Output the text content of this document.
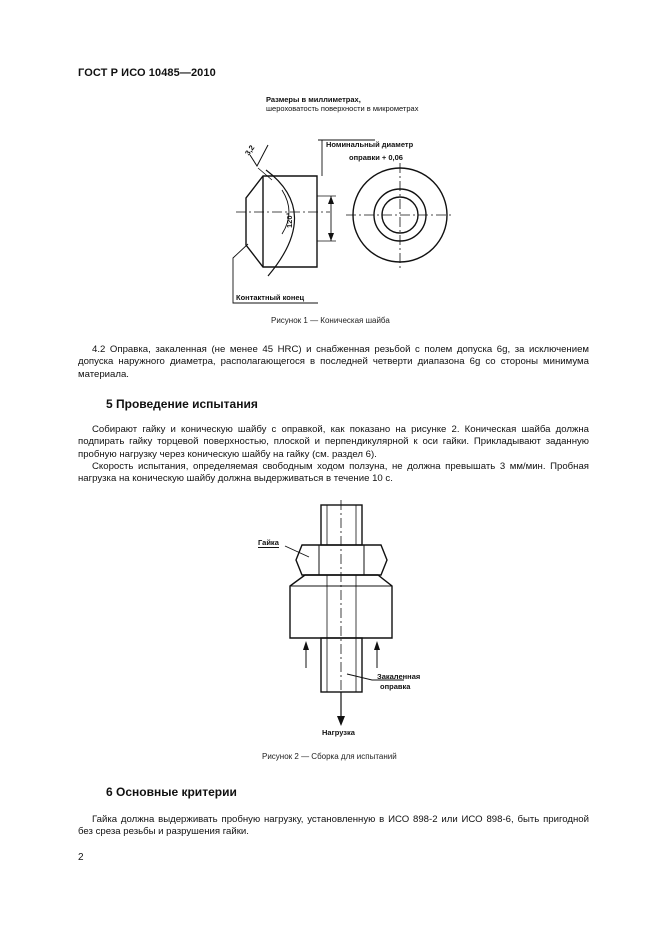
ГОСТ Р ИСО 10485—2010
Размеры в миллиметрах,
шероховатость поверхности в микрометрах
3,2
120°
Номинальный диаметр
оправки + 0,06
Контактный конец
Рисунок 1 — Коническая шайба
4.2 Оправка, закаленная (не менее 45 HRC) и снабженная резьбой с полем допуска 6g, за исключением допуска наружного диаметра, располагающегося в последней четверти диапазона 6g со стороны минимума материала.
5 Проведение испытания
Собирают гайку и коническую шайбу с оправкой, как показано на рисунке 2. Коническая шайба должна подпирать гайку торцевой поверхностью, плоской и перпендикулярной к оси гайки. Прикладывают заданную пробную нагрузку через коническую шайбу на гайку (см. раздел 6).
Скорость испытания, определяемая свободным ходом ползуна, не должна превышать 3 мм/мин. Пробная нагрузка на коническую шайбу должна выдерживаться в течение 10 с.
Гайка
Закаленная
оправка
Нагрузка
Рисунок 2 — Сборка для испытаний
6 Основные критерии
Гайка должна выдерживать пробную нагрузку, установленную в ИСО 898-2 или ИСО 898-6, быть пригодной без среза резьбы и разрушения гайки.
2
